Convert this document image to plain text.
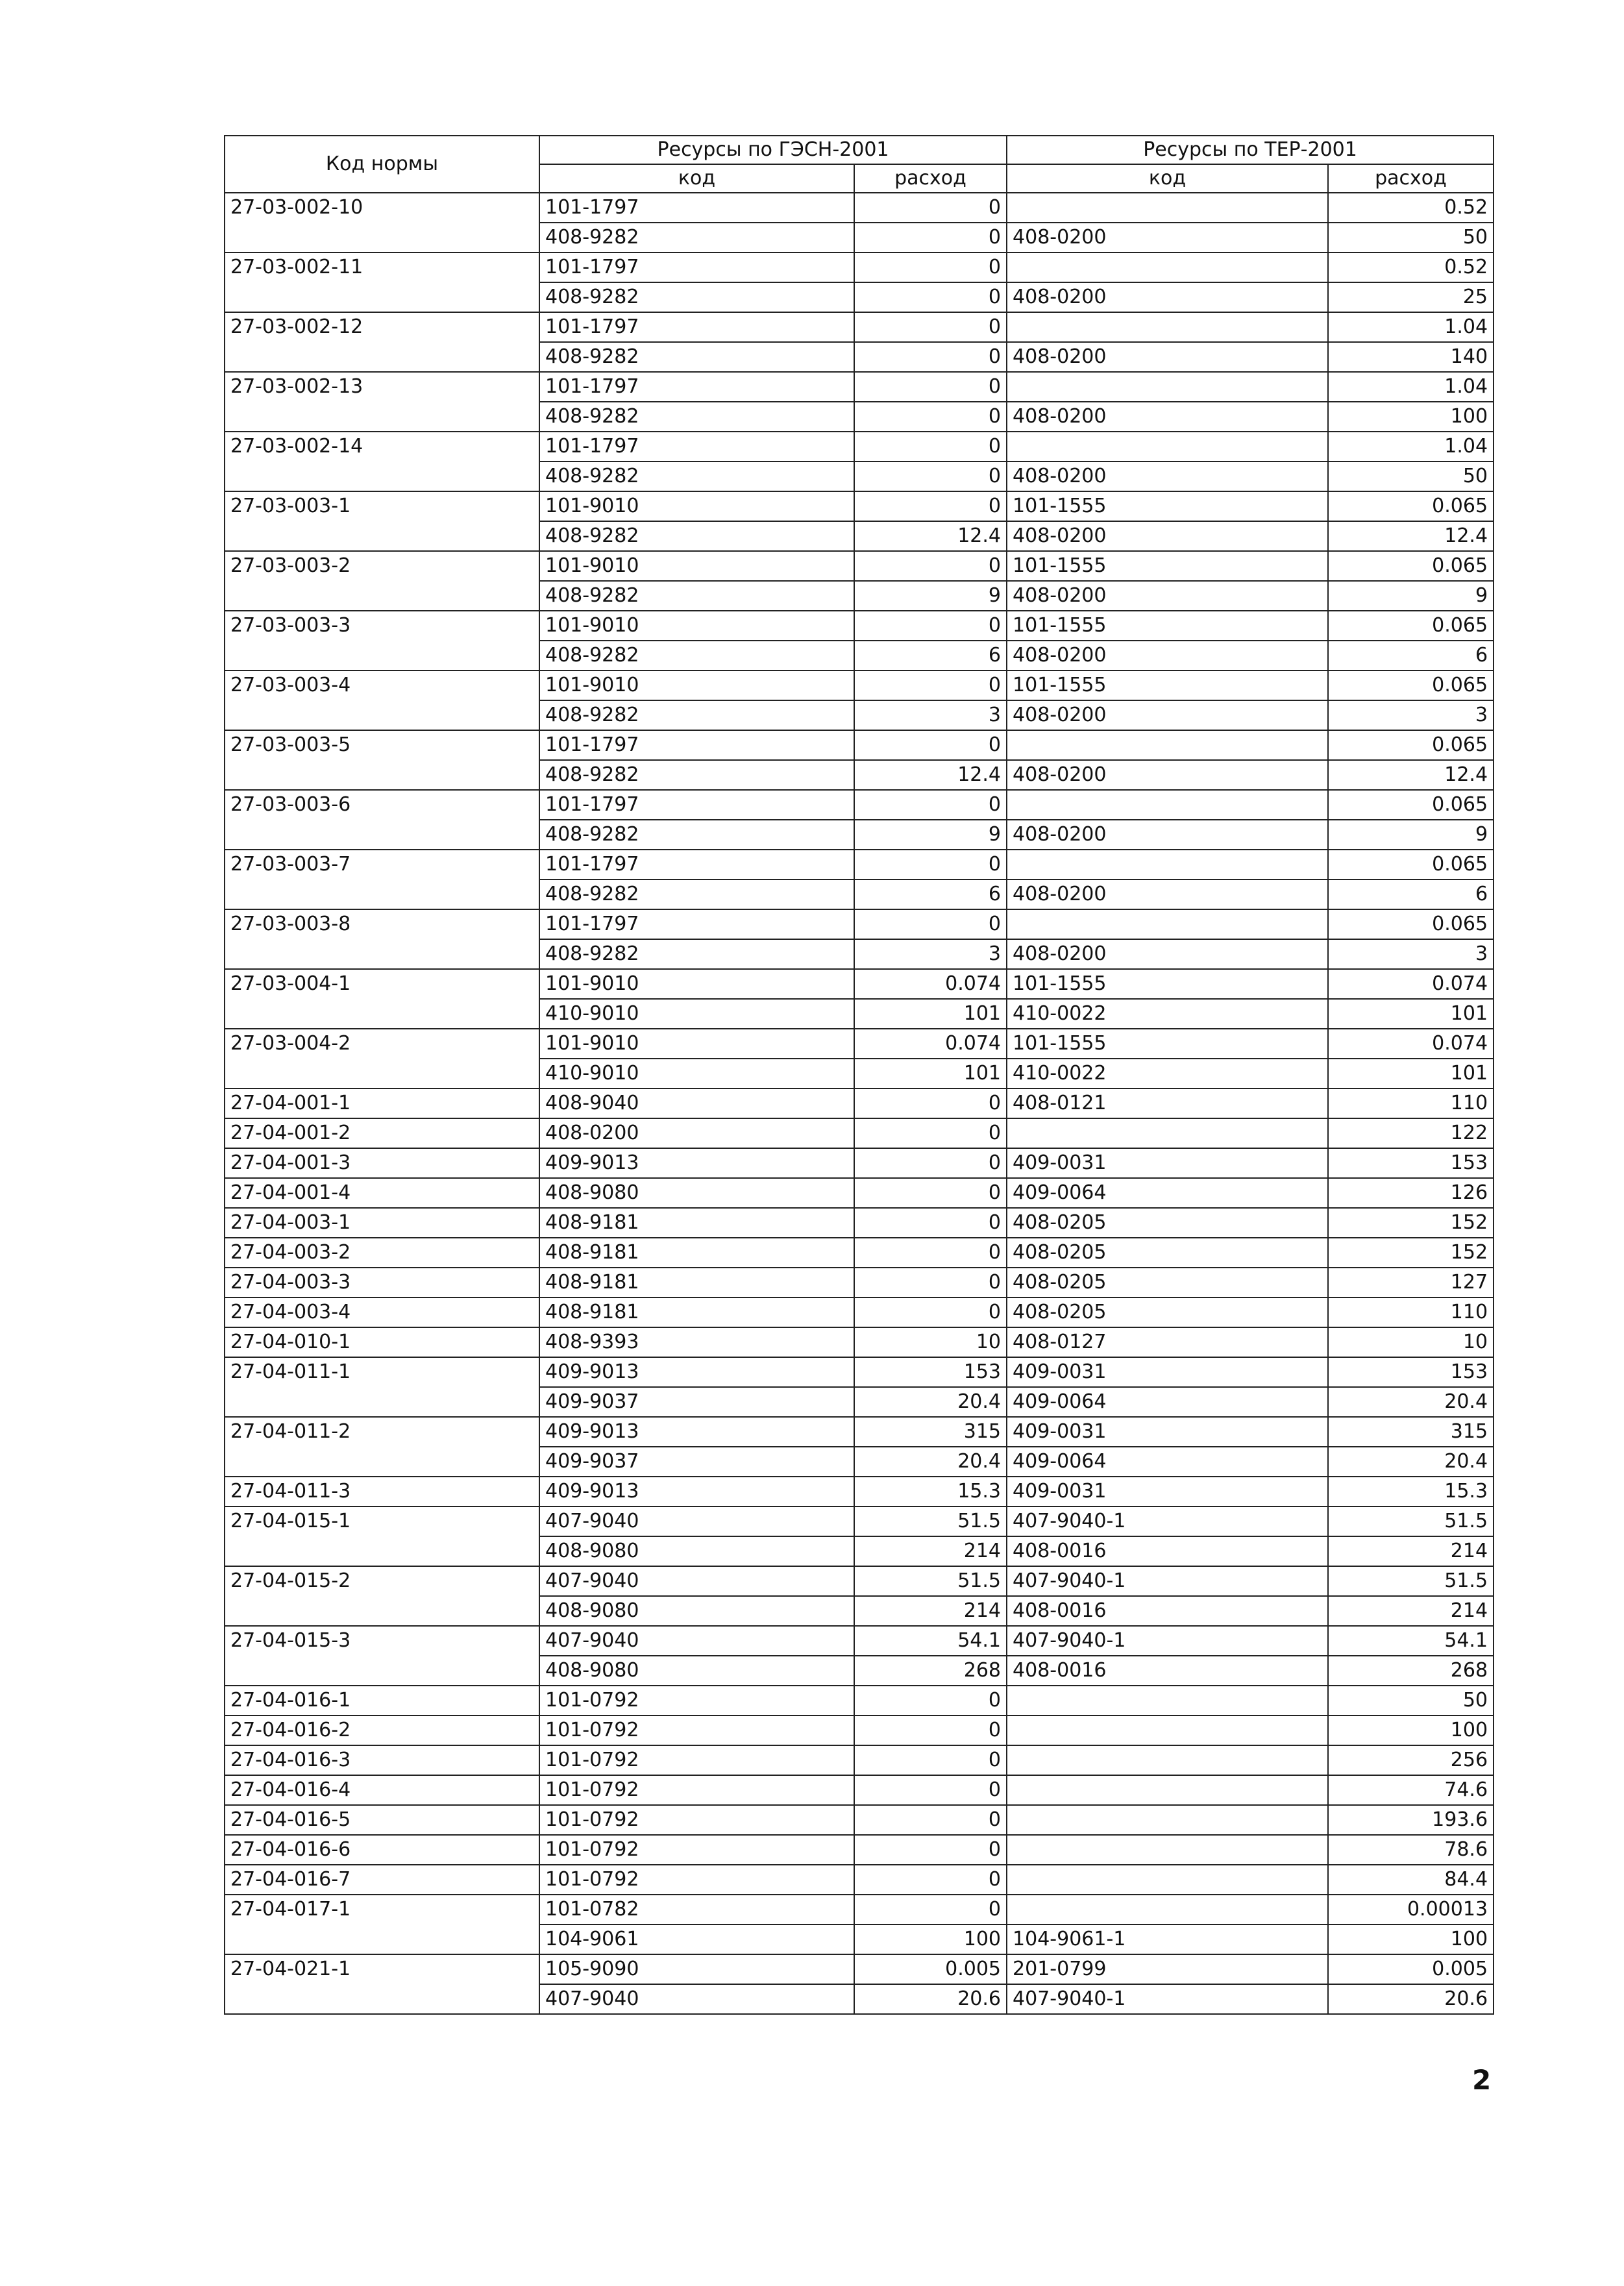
Код нормы	Ресурсы по ГЭСН-2001		Ресурсы по ТЕР-2001	
	код	расход	код	расход
27-03-002-10	101-1797	0		0.52
	408-9282	0	408-0200	50
27-03-002-11	101-1797	0		0.52
	408-9282	0	408-0200	25
27-03-002-12	101-1797	0		1.04
	408-9282	0	408-0200	140
27-03-002-13	101-1797	0		1.04
	408-9282	0	408-0200	100
27-03-002-14	101-1797	0		1.04
	408-9282	0	408-0200	50
27-03-003-1	101-9010	0	101-1555	0.065
	408-9282	12.4	408-0200	12.4
27-03-003-2	101-9010	0	101-1555	0.065
	408-9282	9	408-0200	9
27-03-003-3	101-9010	0	101-1555	0.065
	408-9282	6	408-0200	6
27-03-003-4	101-9010	0	101-1555	0.065
	408-9282	3	408-0200	3
27-03-003-5	101-1797	0		0.065
	408-9282	12.4	408-0200	12.4
27-03-003-6	101-1797	0		0.065
	408-9282	9	408-0200	9
27-03-003-7	101-1797	0		0.065
	408-9282	6	408-0200	6
27-03-003-8	101-1797	0		0.065
	408-9282	3	408-0200	3
27-03-004-1	101-9010	0.074	101-1555	0.074
	410-9010	101	410-0022	101
27-03-004-2	101-9010	0.074	101-1555	0.074
	410-9010	101	410-0022	101
27-04-001-1	408-9040	0	408-0121	110
27-04-001-2	408-0200	0		122
27-04-001-3	409-9013	0	409-0031	153
27-04-001-4	408-9080	0	409-0064	126
27-04-003-1	408-9181	0	408-0205	152
27-04-003-2	408-9181	0	408-0205	152
27-04-003-3	408-9181	0	408-0205	127
27-04-003-4	408-9181	0	408-0205	110
27-04-010-1	408-9393	10	408-0127	10
27-04-011-1	409-9013	153	409-0031	153
	409-9037	20.4	409-0064	20.4
27-04-011-2	409-9013	315	409-0031	315
	409-9037	20.4	409-0064	20.4
27-04-011-3	409-9013	15.3	409-0031	15.3
27-04-015-1	407-9040	51.5	407-9040-1	51.5
	408-9080	214	408-0016	214
27-04-015-2	407-9040	51.5	407-9040-1	51.5
	408-9080	214	408-0016	214
27-04-015-3	407-9040	54.1	407-9040-1	54.1
	408-9080	268	408-0016	268
27-04-016-1	101-0792	0		50
27-04-016-2	101-0792	0		100
27-04-016-3	101-0792	0		256
27-04-016-4	101-0792	0		74.6
27-04-016-5	101-0792	0		193.6
27-04-016-6	101-0792	0		78.6
27-04-016-7	101-0792	0		84.4
27-04-017-1	101-0782	0		0.00013
	104-9061	100	104-9061-1	100
27-04-021-1	105-9090	0.005	201-0799	0.005
	407-9040	20.6	407-9040-1	20.6
2
